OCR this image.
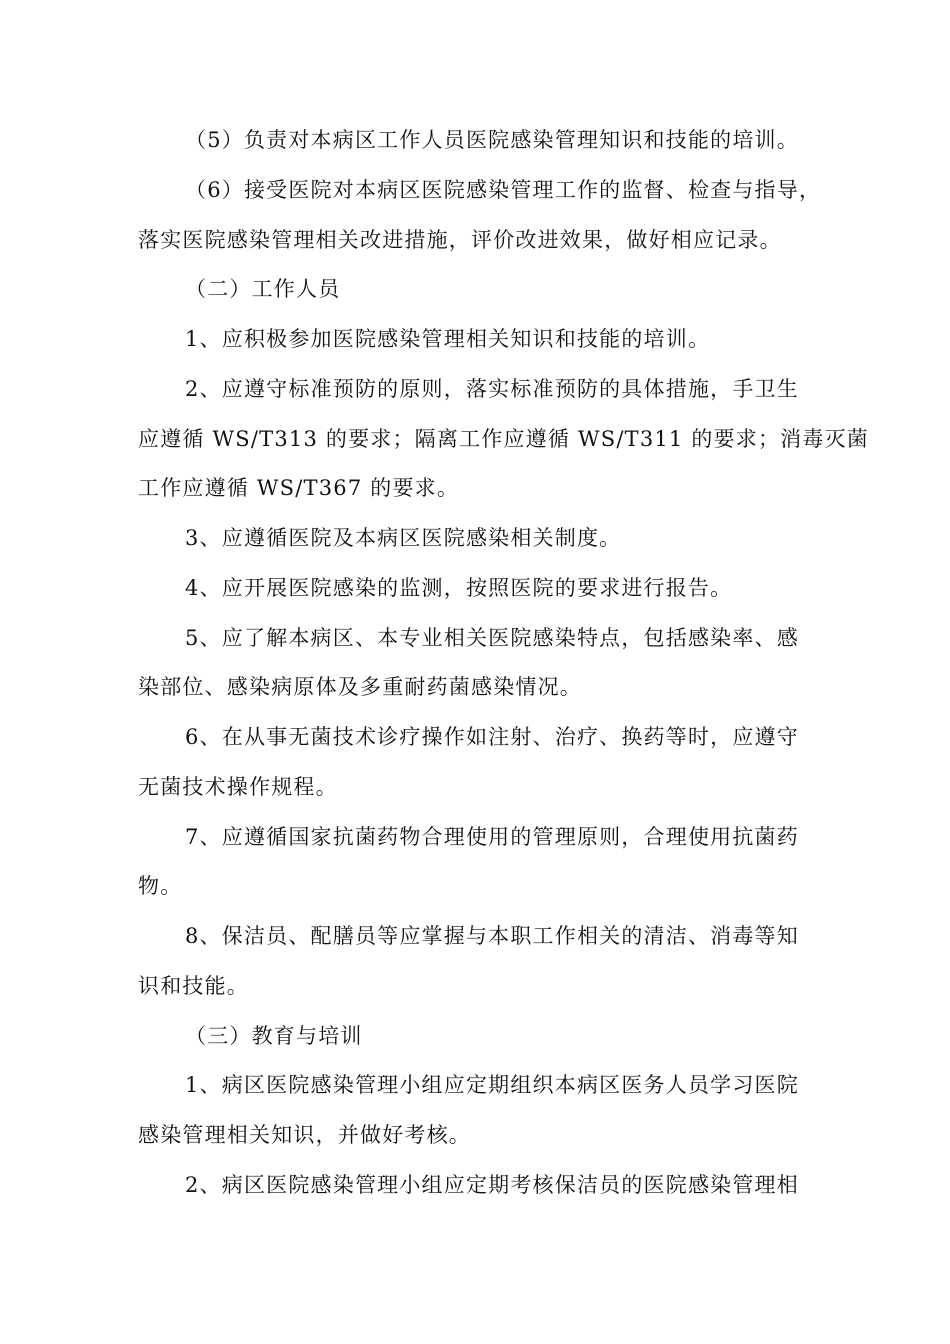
（5）负责对本病区工作人员医院感染管理知识和技能的培训。
（6）接受医院对本病区医院感染管理工作的监督、检查与指导，
落实医院感染管理相关改进措施，评价改进效果，做好相应记录。
（二）工作人员
1、应积极参加医院感染管理相关知识和技能的培训。
2、应遵守标准预防的原则，落实标准预防的具体措施，手卫生
应遵循 WS/T313 的要求；隔离工作应遵循 WS/T311 的要求；消毒灭菌
工作应遵循 WS/T367 的要求。
3、应遵循医院及本病区医院感染相关制度。
4、应开展医院感染的监测，按照医院的要求进行报告。
5、应了解本病区、本专业相关医院感染特点，包括感染率、感
染部位、感染病原体及多重耐药菌感染情况。
6、在从事无菌技术诊疗操作如注射、治疗、换药等时，应遵守
无菌技术操作规程。
7、应遵循国家抗菌药物合理使用的管理原则，合理使用抗菌药
物。
8、保洁员、配膳员等应掌握与本职工作相关的清洁、消毒等知
识和技能。
（三）教育与培训
1、病区医院感染管理小组应定期组织本病区医务人员学习医院
感染管理相关知识，并做好考核。
2、病区医院感染管理小组应定期考核保洁员的医院感染管理相
